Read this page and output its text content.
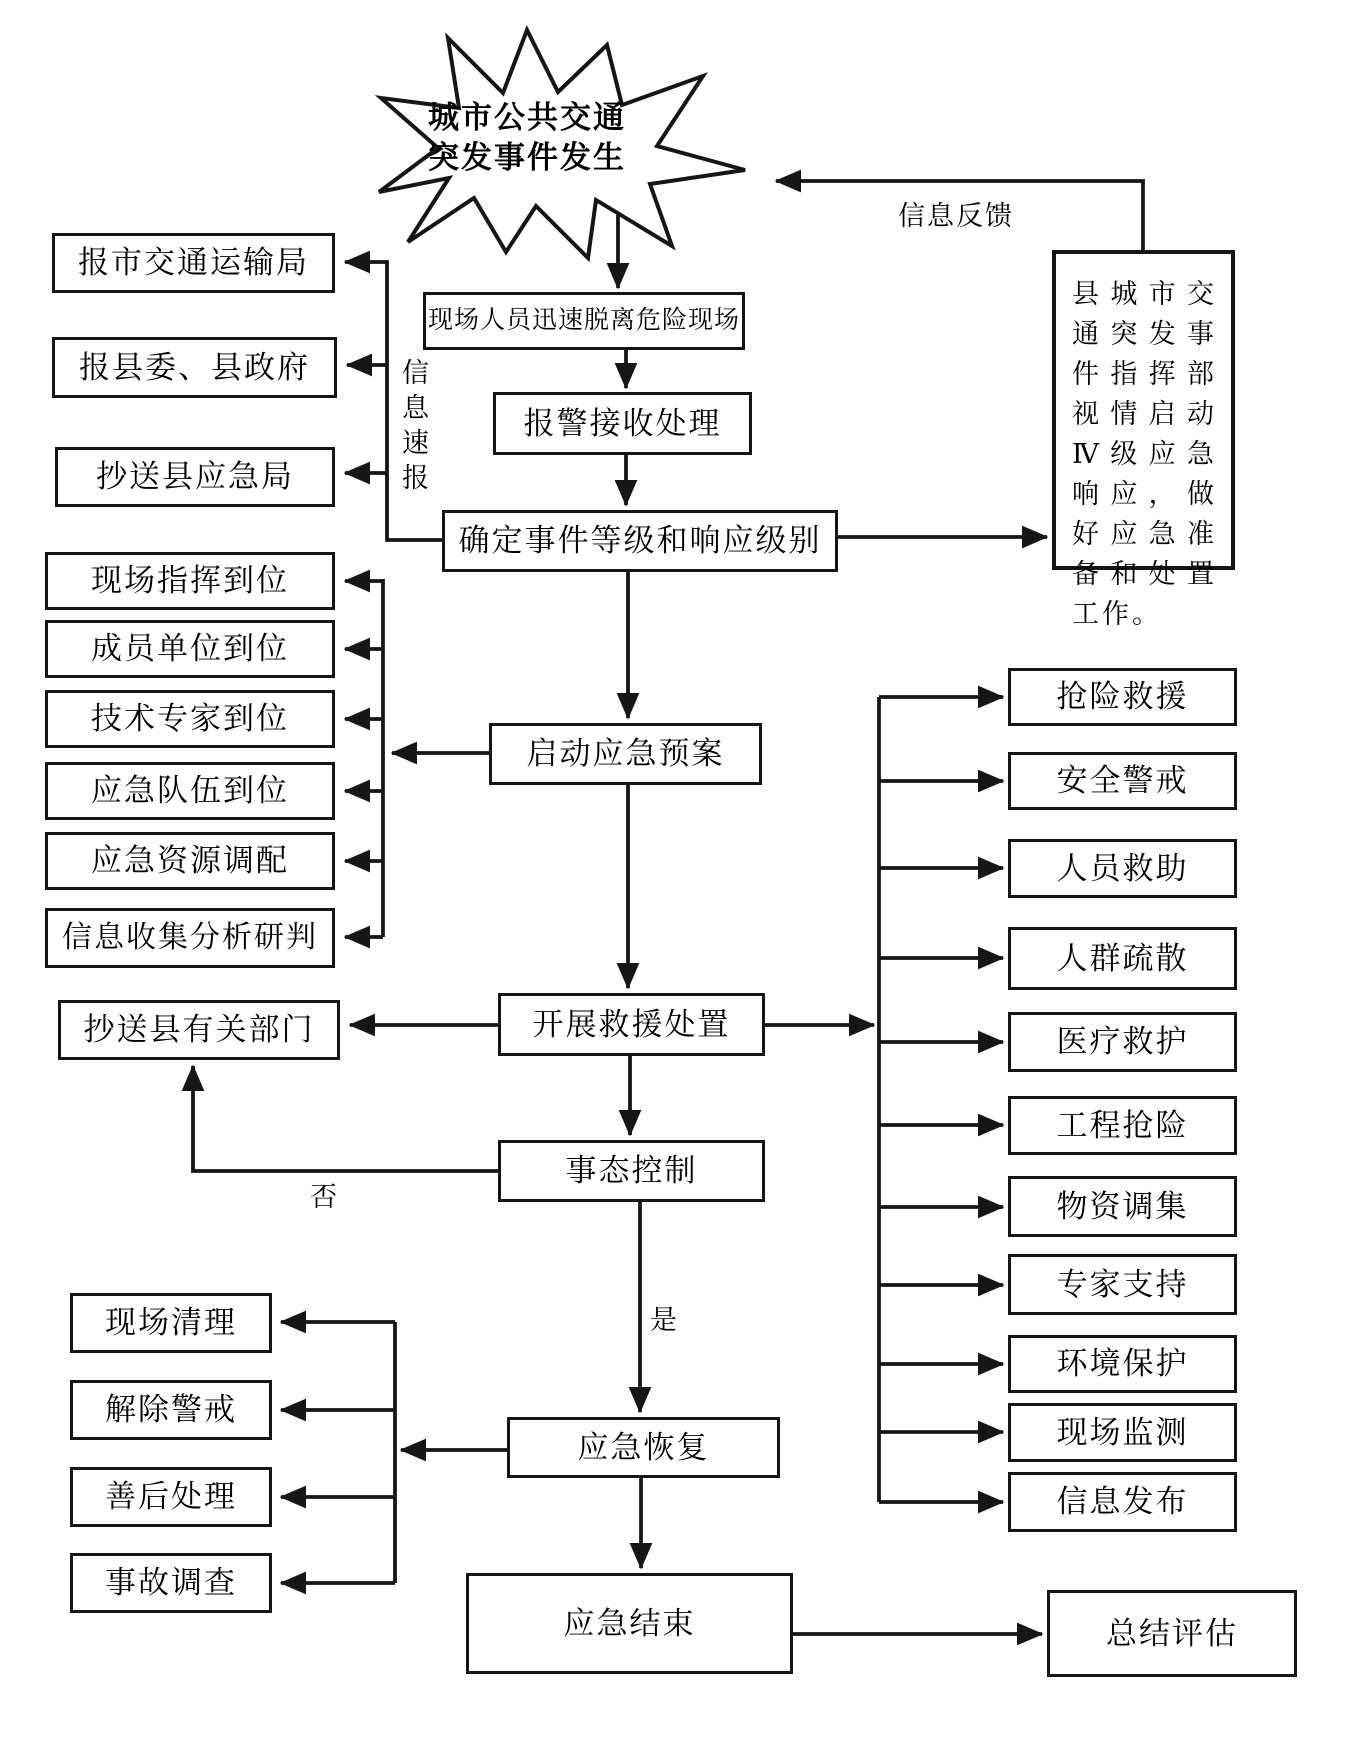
城市公共交通
突发事件发生
报市交通运输局
报县委、县政府
抄送县应急局
现场人员迅速脱离危险现场
报警接收处理
确定事件等级和响应级别
启动应急预案
开展救援处置
事态控制
应急恢复
应急结束	总结评估
县城市交通突发事件指挥部视情启动Ⅳ级应急响应，做好应急准备和处置工作。
现场指挥到位
成员单位到位
技术专家到位
应急队伍到位
应急资源调配
信息收集分析研判
抄送县有关部门
抢险救援
安全警戒
人员救助
人群疏散
医疗救护
工程抢险
物资调集
专家支持
环境保护
现场监测
信息发布
现场清理
解除警戒
善后处理
事故调查
信息速报
信息反馈
否
是
